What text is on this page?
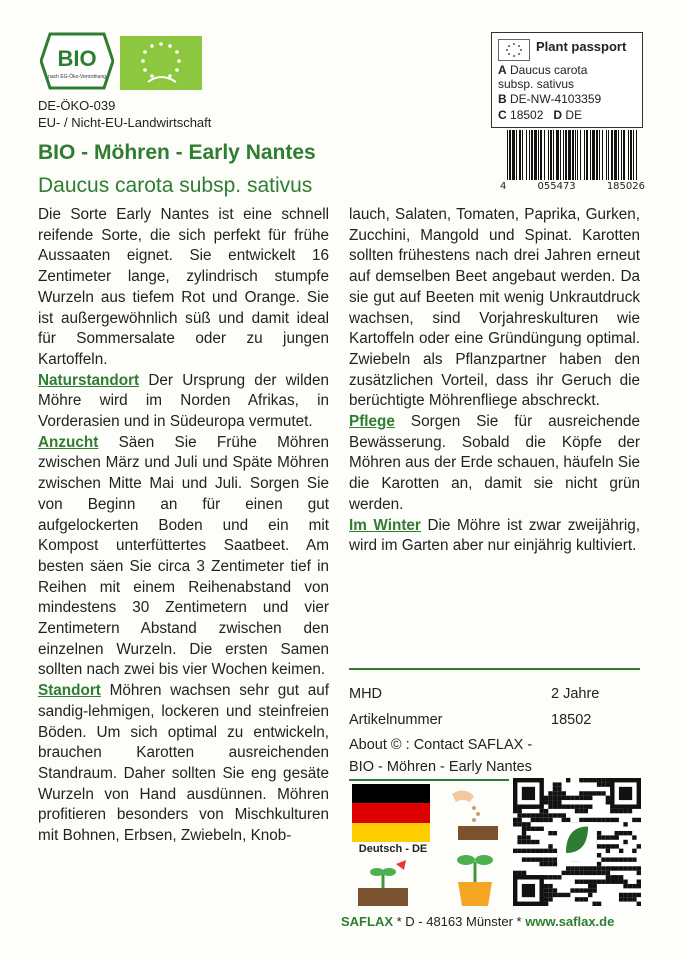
BIO
nach EG-Öko-Verordnung
DE-ÖKO-039
EU- / Nicht-EU-Landwirtschaft
BIO - Möhren - Early Nantes
Daucus carota subsp. sativus
Plant passport
A Daucus carota
subsp. sativus
B DE-NW-4103359
C 18502 D DE
4	055473	185026

Die Sorte Early Nantes ist eine schnell reifende Sorte, die sich perfekt für frühe Aussaaten eignet. Sie entwickelt 16 Zentimeter lange, zylindrisch stumpfe Wurzeln aus tiefem Rot und Orange. Sie ist außergewöhnlich süß und damit ideal für Sommersalate oder zu jungen Kartoffeln.

Naturstandort Der Ursprung der wilden Möhre wird im Norden Afrikas, in Vorderasien und in Südeuropa vermutet.

Anzucht Säen Sie Frühe Möhren zwischen März und Juli und Späte Möhren zwischen Mitte Mai und Juli. Sorgen Sie von Beginn an für einen gut aufgelockerten Boden und ein mit Kompost unterfüttertes Saatbeet. Am besten säen Sie circa 3 Zentimeter tief in Reihen mit einem Reihenabstand von mindestens 30 Zentimetern und vier Zentimetern Abstand zwischen den einzelnen Wurzeln. Die ersten Samen sollten nach zwei bis vier Wochen keimen.

Standort Möhren wachsen sehr gut auf sandig-lehmigen, lockeren und steinfreien Böden. Um sich optimal zu entwickeln, brauchen Karotten ausreichenden Standraum. Daher sollten Sie eng gesäte Wurzeln von Hand ausdünnen. Möhren profitieren besonders von Mischkulturen mit Bohnen, Erbsen, Zwiebeln, Knob-

lauch, Salaten, Tomaten, Paprika, Gurken, Zucchini, Mangold und Spinat. Karotten sollten frühestens nach drei Jahren erneut auf demselben Beet angebaut werden. Da sie gut auf Beeten mit wenig Unkrautdruck wachsen, sind Vorjahreskulturen wie Kartoffeln oder eine Gründüngung optimal. Zwiebeln als Pflanzpartner haben den zusätzlichen Vorteil, dass ihr Geruch die berüchtigte Möhrenfliege abschreckt.

Pflege Sorgen Sie für ausreichende Bewässerung. Sobald die Köpfe der Möhren aus der Erde schauen, häufeln Sie die Karotten an, damit sie nicht grün werden.

Im Winter Die Möhre ist zwar zweijährig, wird im Garten aber nur einjährig kultiviert.

MHD	2 Jahre
Artikelnummer	18502
About © : Contact SAFLAX -
BIO - Möhren - Early Nantes
Deutsch - DE
SAFLAX * D - 48163 Münster * www.saflax.de
